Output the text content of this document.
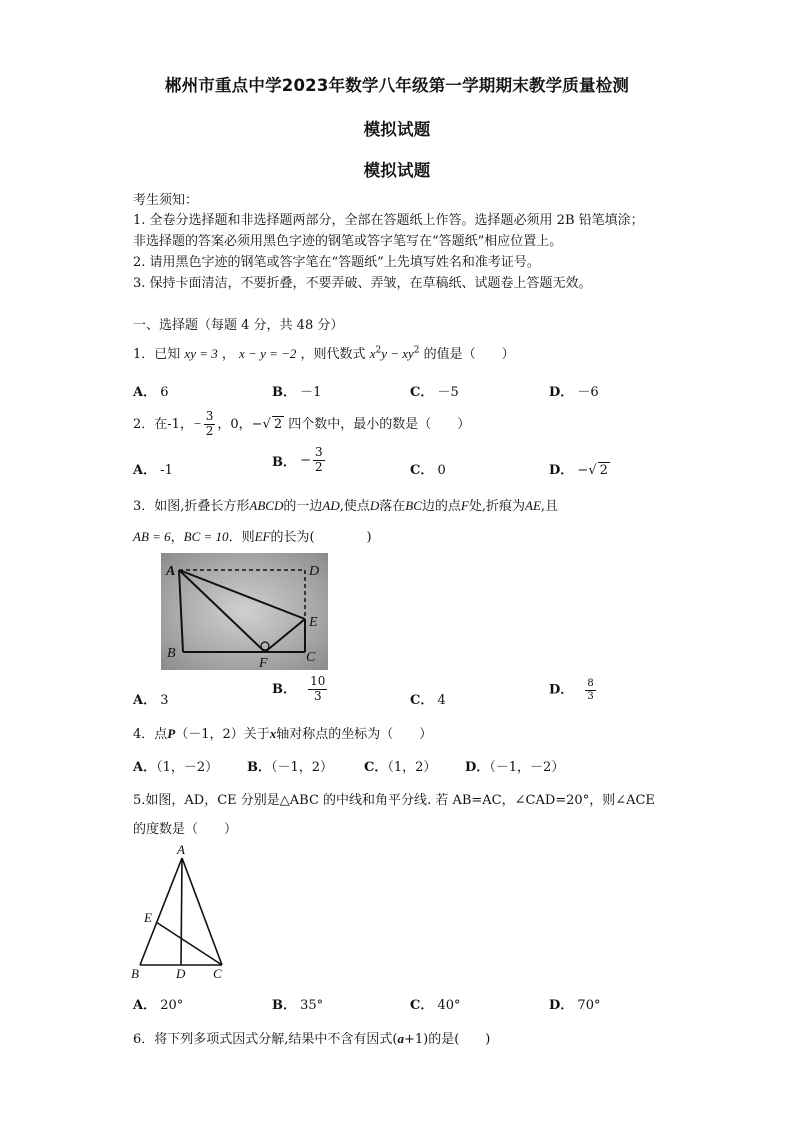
郴州市重点中学2023年数学八年级第一学期期末教学质量检测
模拟试题
模拟试题
考生须知：
1. 全卷分选择题和非选择题两部分，全部在答题纸上作答。选择题必须用 2B 铅笔填涂；
非选择题的答案必须用黑色字迹的钢笔或答字笔写在“答题纸”相应位置上。
2. 请用黑色字迹的钢笔或答字笔在“答题纸”上先填写姓名和准考证号。
3. 保持卡面清洁，不要折叠，不要弄破、弄皱，在草稿纸、试题卷上答题无效。
一、选择题（每题 4 分，共 48 分）
1．已知 xy = 3 ， x − y = −2 ，则代数式 $x^2y - xy^2$ 的值是（　　）
A． 6	B． －1	C． －5	D． －6
2．在-1，− $\frac{3}{2}$ ，0，−√ 2 四个数中，最小的数是（　　）
A． -1
B． − $\frac{3}{2}$	C． 0	D． −√ 2
3．如图,折叠长方形ABCD的一边AD,使点D落在BC边的点F处,折痕为AE,且
AB = 6，BC = 10．则EF的长为(　　　　)
A	D
E
B
F	C
A． 3
B． $\frac{10}{3}$	C． 4
D． $\frac{8}{3}$
4．点P（－1，2）关于x轴对称点的坐标为（　　）
A．（1，－2） B．（－1，2） C．（1，2） D．（－1，－2）
5.如图，AD，CE 分别是△ABC 的中线和角平分线. 若 AB=AC，∠CAD=20°，则∠ACE
的度数是（　　）
A
E
B	D C
A． 20°	B． 35°	C． 40°	D． 70°
6．将下列多项式因式分解,结果中不含有因式(a+1)的是(　　)
